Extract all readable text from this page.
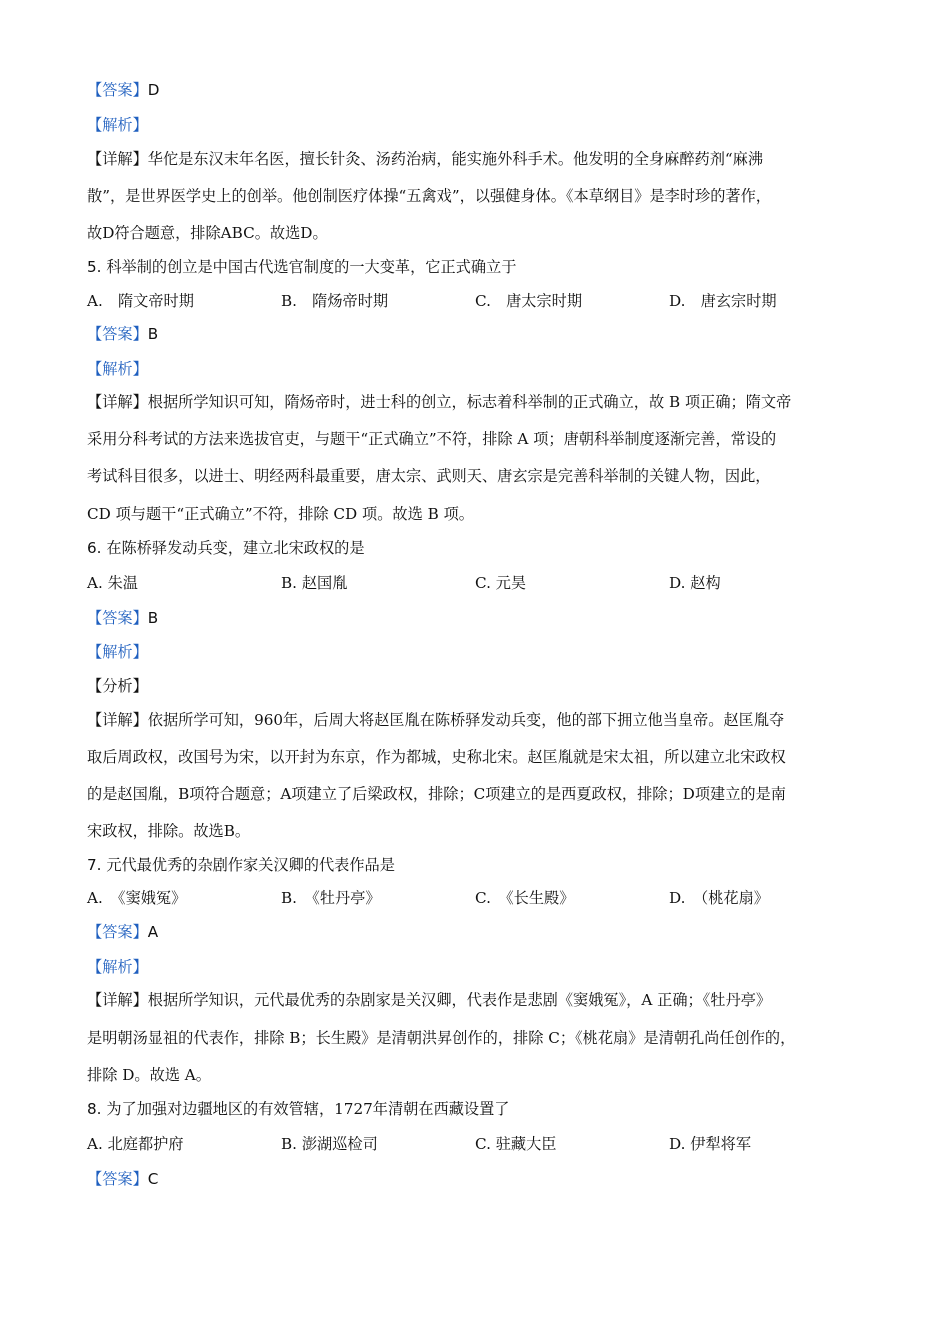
【答案】D
【解析】
【详解】华佗是东汉末年名医，擅长针灸、汤药治病，能实施外科手术。他发明的全身麻醉药剂“麻沸
散”，是世界医学史上的创举。他创制医疗体操“五禽戏”，以强健身体。《本草纲目》是李时珍的著作，
故D符合题意，排除ABC。故选D。
5. 科举制的创立是中国古代选官制度的一大变革，它正式确立于
A.　隋文帝时期	B.　隋炀帝时期	C.　唐太宗时期	D.　唐玄宗时期
【答案】B
【解析】
【详解】根据所学知识可知，隋炀帝时，进士科的创立，标志着科举制的正式确立，故 B 项正确；隋文帝
采用分科考试的方法来选拔官吏，与题干“正式确立”不符，排除 A 项；唐朝科举制度逐渐完善，常设的
考试科目很多，以进士、明经两科最重要，唐太宗、武则天、唐玄宗是完善科举制的关键人物，因此，
CD 项与题干“正式确立”不符，排除 CD 项。故选 B 项。
6. 在陈桥驿发动兵变，建立北宋政权的是
A. 朱温	B. 赵国胤	C. 元昊	D. 赵构
【答案】B
【解析】
【分析】
【详解】依据所学可知，960年，后周大将赵匡胤在陈桥驿发动兵变，他的部下拥立他当皇帝。赵匡胤夺
取后周政权，改国号为宋，以开封为东京，作为都城，史称北宋。赵匡胤就是宋太祖，所以建立北宋政权
的是赵国胤，B项符合题意；A项建立了后梁政权，排除；C项建立的是西夏政权，排除；D项建立的是南
宋政权，排除。故选B。
7. 元代最优秀的杂剧作家关汉卿的代表作品是
A.　《窦娥冤》	B.　《牡丹亭》	C.　《长生殿》	D.　（桃花扇》
【答案】A
【解析】
【详解】根据所学知识，元代最优秀的杂剧家是关汉卿，代表作是悲剧《窦娥冤》，A 正确；《牡丹亭》
是明朝汤显祖的代表作，排除 B；长生殿》是清朝洪昇创作的，排除 C；《桃花扇》是清朝孔尚任创作的，
排除 D。故选 A。
8. 为了加强对边疆地区的有效管辖，1727年清朝在西藏设置了
A. 北庭都护府	B. 澎湖巡检司	C. 驻藏大臣	D. 伊犁将军
【答案】C
